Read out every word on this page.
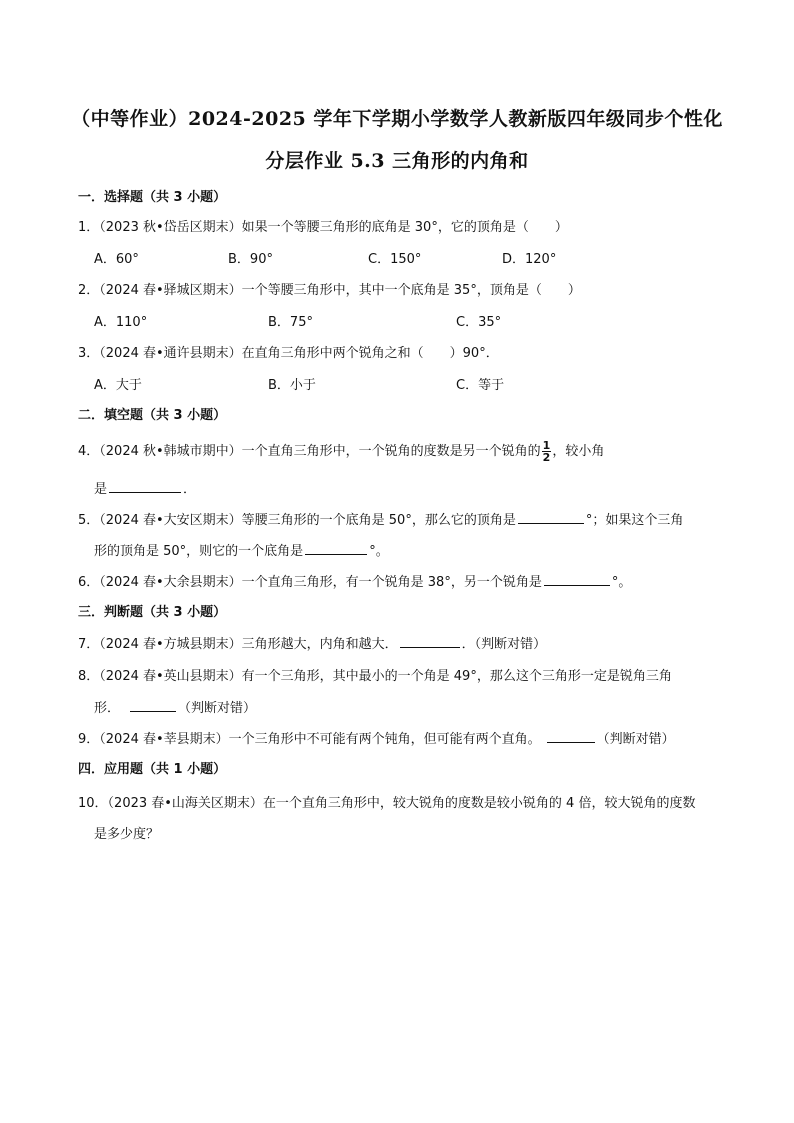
（中等作业）2024-2025 学年下学期小学数学人教新版四年级同步个性化
分层作业 5.3 三角形的内角和
一．选择题（共 3 小题）
1．（2023 秋•岱岳区期末）如果一个等腰三角形的底角是 30°，它的顶角是（　　）
A．60°	B．90°	C．150°	D．120°
2．（2024 春•驿城区期末）一个等腰三角形中，其中一个底角是 35°，顶角是（　　）
A．110°	B．75°	C．35°
3．（2024 春•通许县期末）在直角三角形中两个锐角之和（　　）90°．
A．大于	B．小于	C．等于
二．填空题（共 3 小题）
4．（2024 秋•韩城市期中）一个直角三角形中，一个锐角的度数是另一个锐角的 $\frac{1}{2}$ ，较小角
是	．
5．（2024 春•大安区期末）等腰三角形的一个底角是 50°，那么它的顶角是	°；如果这个三角
形的顶角是 50°，则它的一个底角是	°。
6．（2024 春•大余县期末）一个直角三角形，有一个锐角是 38°，另一个锐角是	°。
三．判断题（共 3 小题）
7．（2024 春•方城县期末）三角形越大，内角和越大．	．（判断对错）
8．（2024 春•英山县期末）有一个三角形，其中最小的一个角是 49°，那么这个三角形一定是锐角三角
形．	（判断对错）
9．（2024 春•莘县期末）一个三角形中不可能有两个钝角，但可能有两个直角。	（判断对错）
四．应用题（共 1 小题）
10．（2023 春•山海关区期末）在一个直角三角形中，较大锐角的度数是较小锐角的 4 倍，较大锐角的度数
是多少度？
